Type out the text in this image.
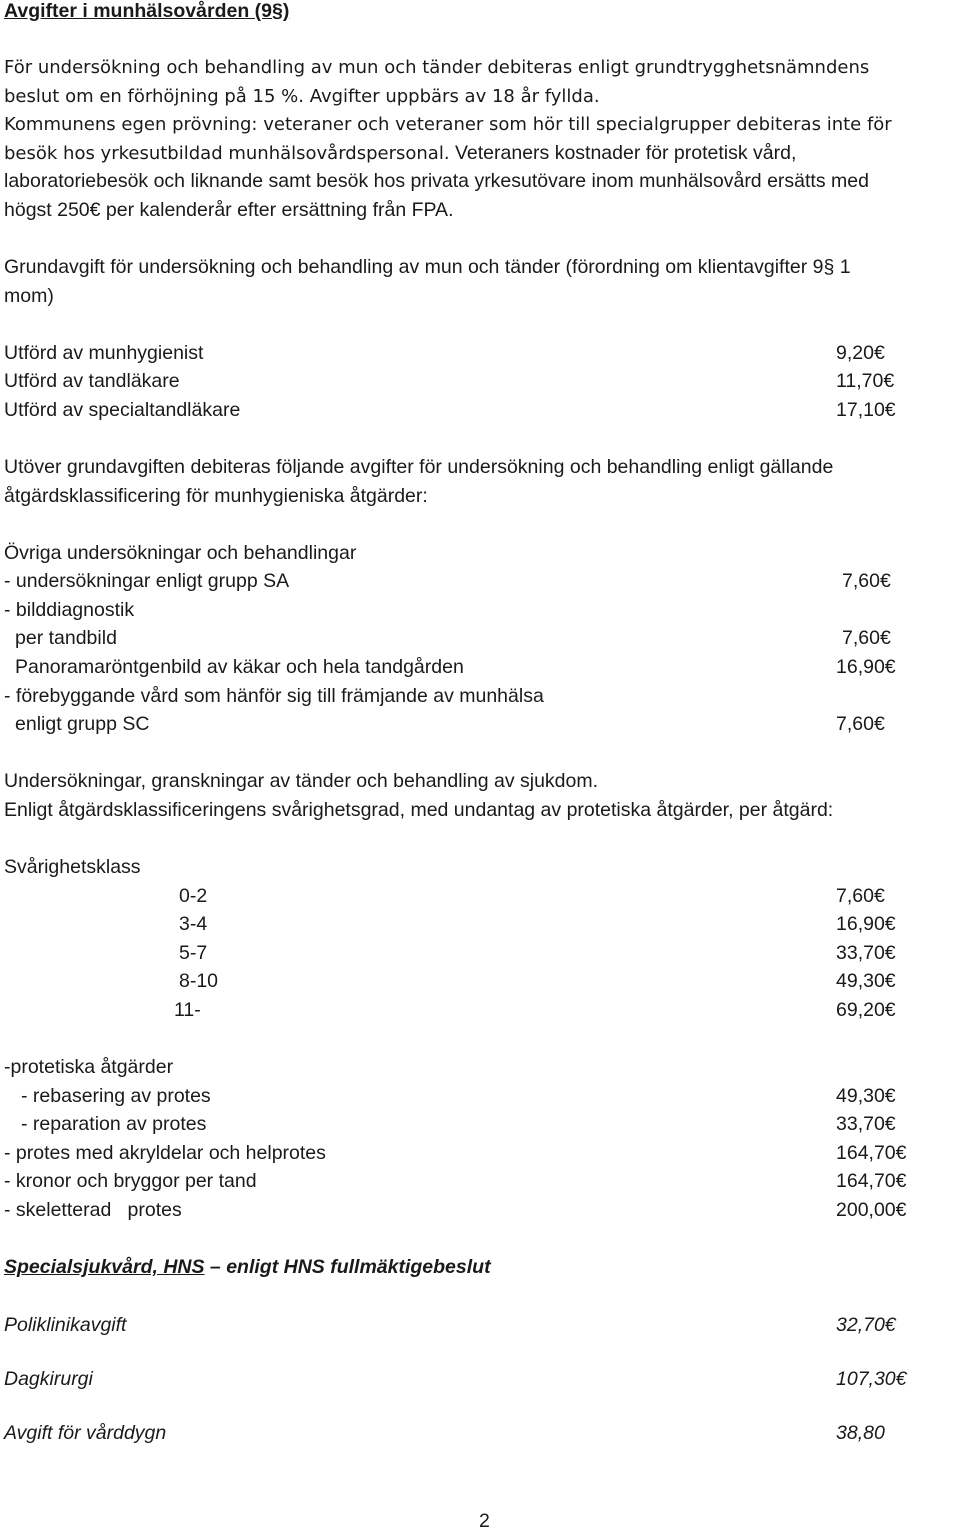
Avgifter i munhälsovården (9§)
För undersökning och behandling av mun och tänder debiteras enligt grundtrygghetsnämndens
beslut om en förhöjning på 15 %. Avgifter uppbärs av 18 år fyllda.
Kommunens egen prövning: veteraner och veteraner som hör till specialgrupper debiteras inte för
besök hos yrkesutbildad munhälsovårdspersonal. Veteraners kostnader för protetisk vård,
laboratoriebesök och liknande samt besök hos privata yrkesutövare inom munhälsovård ersätts med
högst 250€ per kalenderår efter ersättning från FPA.
Grundavgift för undersökning och behandling av mun och tänder (förordning om klientavgifter 9§ 1
mom)
Utförd av munhygienist	9,20€
Utförd av tandläkare	11,70€
Utförd av specialtandläkare	17,10€
Utöver grundavgiften debiteras följande avgifter för undersökning och behandling enligt gällande
åtgärdsklassificering för munhygieniska åtgärder:
Övriga undersökningar och behandlingar
- undersökningar enligt grupp SA	7,60€
- bilddiagnostik
per tandbild	7,60€
Panoramaröntgenbild av käkar och hela tandgården	16,90€
- förebyggande vård som hänför sig till främjande av munhälsa
enligt grupp SC	7,60€
Undersökningar, granskningar av tänder och behandling av sjukdom.
Enligt åtgärdsklassificeringens svårighetsgrad, med undantag av protetiska åtgärder, per åtgärd:
Svårighetsklass
0-2	7,60€
3-4	16,90€
5-7	33,70€
8-10	49,30€
11-	69,20€
-protetiska åtgärder
- rebasering av protes	49,30€
- reparation av protes	33,70€
- protes med akryldelar och helprotes	164,70€
- kronor och bryggor per tand	164,70€
- skeletterad   protes	200,00€
Specialsjukvård, HNS – enligt HNS fullmäktigebeslut
Poliklinikavgift	32,70€
Dagkirurgi	107,30€
Avgift för vårddygn	38,80
2
